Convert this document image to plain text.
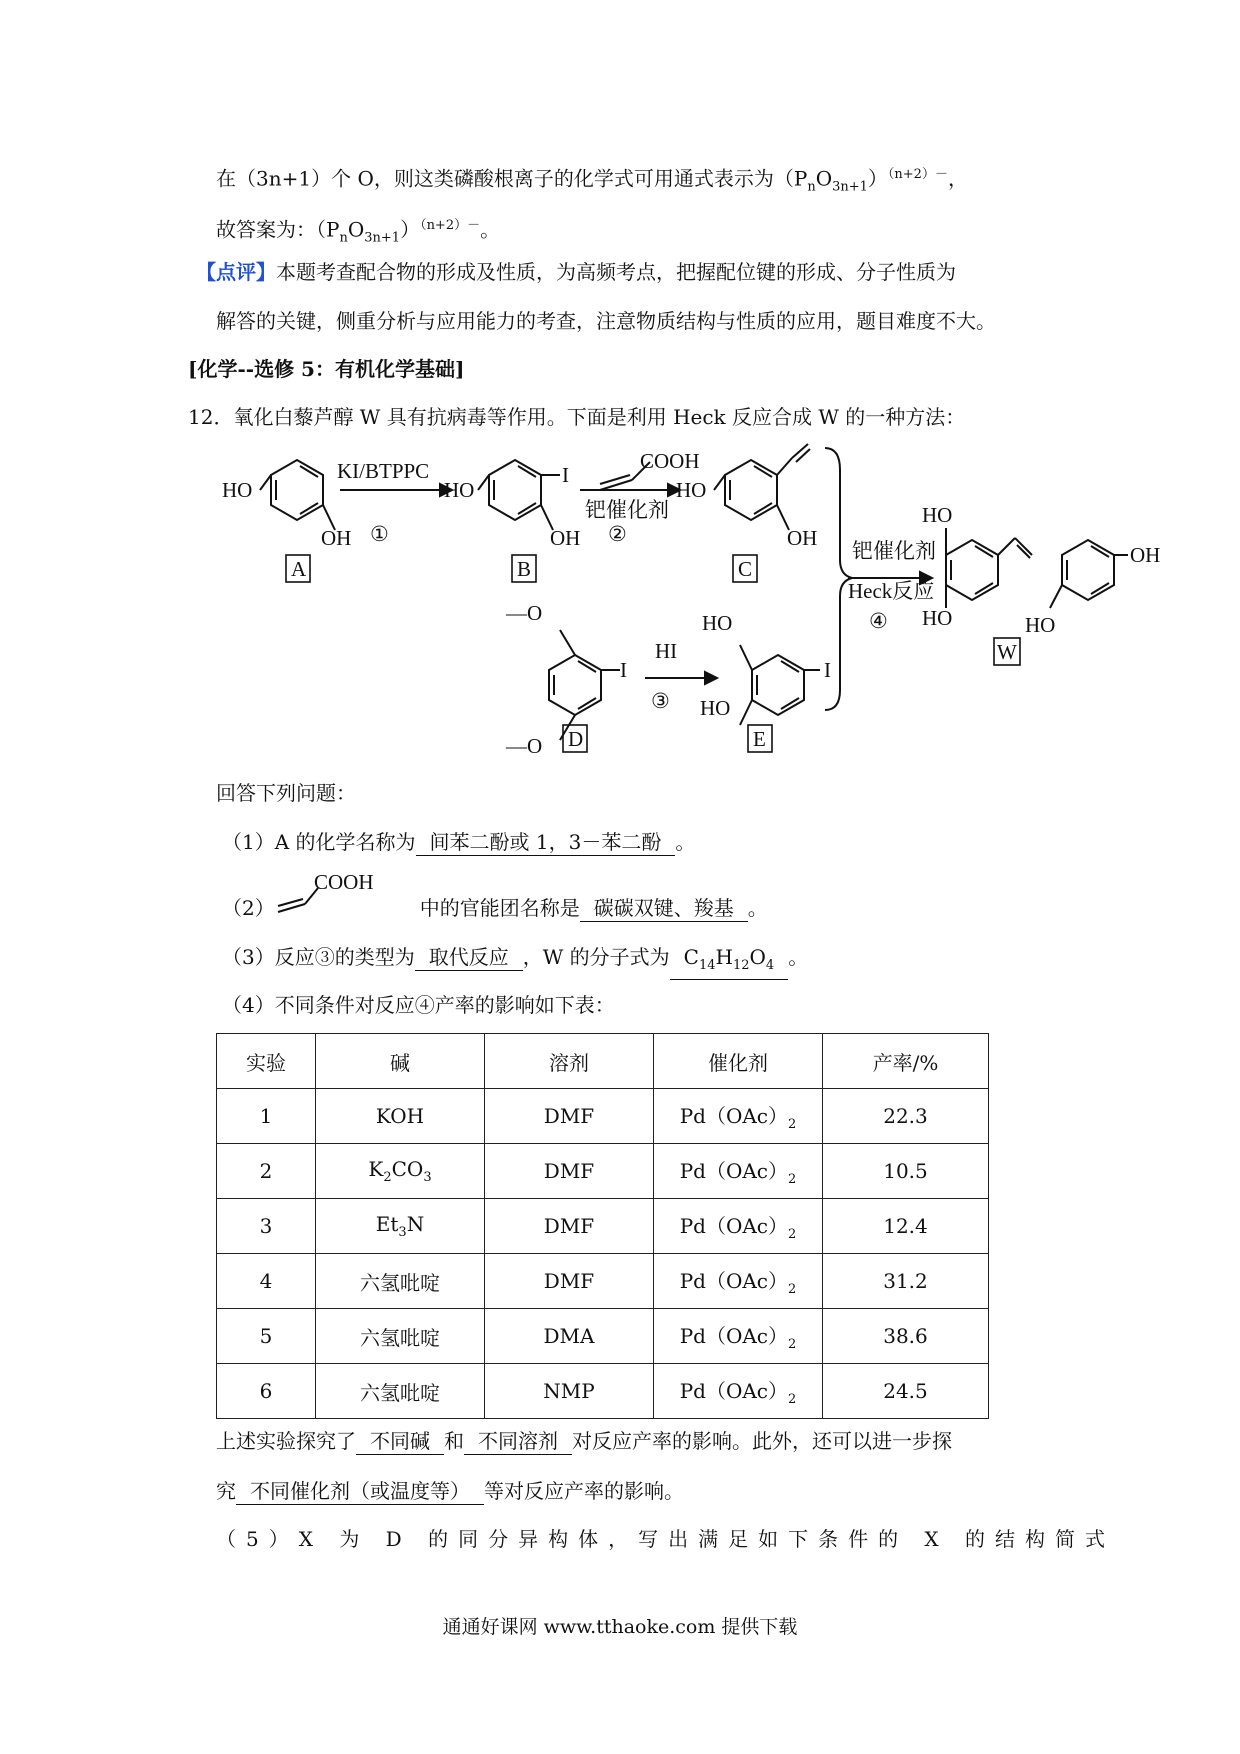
在（3n+1）个 O，则这类磷酸根离子的化学式可用通式表示为$(P_nO_{3n+1})^{(n+2)-}$，
故答案为：$(P_nO_{3n+1})^{(n+2)-}$。
【点评】本题考查配合物的形成及性质，为高频考点，把握配位键的形成、分子性质为
解答的关键，侧重分析与应用能力的考查，注意物质结构与性质的应用，题目难度不大。
[化学--选修 5：有机化学基础]
12．氧化白藜芦醇 W 具有抗病毒等作用。下面是利用 Heck 反应合成 W 的一种方法：
HO
OH
KI/BTPPC
①
HO
OH
I
COOH
钯催化剂
②
HO
OH
—O
—O
I
HI
③
HO
HO
I
钯催化剂
Heck反应
④
HO
HO
OH
HO
A	B	C
D	E
W
COOH
回答下列问题：
（1）A 的化学名称为 间苯二酚或 1，3－苯二酚 。
（2）	中的官能团名称是 碳碳双键、羧基 。
（3）反应③的类型为 取代反应 ，W 的分子式为 $C_{14}H_{12}O_4$ 。
（4）不同条件对反应④产率的影响如下表：
实验	碱	溶剂	催化剂	产率/%
1	KOH	DMF	$Pd(OAc)_2$	22.3
2	$K_2CO_3$	DMF	$Pd(OAc)_2$	10.5
3	$Et_3N$	DMF	$Pd(OAc)_2$	12.4
4	六氢吡啶	DMF	$Pd(OAc)_2$	31.2
5	六氢吡啶	DMA	$Pd(OAc)_2$	38.6
6	六氢吡啶	NMP	$Pd(OAc)_2$	24.5
上述实验探究了 不同碱 和 不同溶剂 对反应产率的影响。此外，还可以进一步探
究 不同催化剂（或温度等） 等对反应产率的影响。
（5）X 为 D 的同分异构体，写出满足如下条件的 X 的结构简式
通通好课网 www.tthaoke.com 提供下载
